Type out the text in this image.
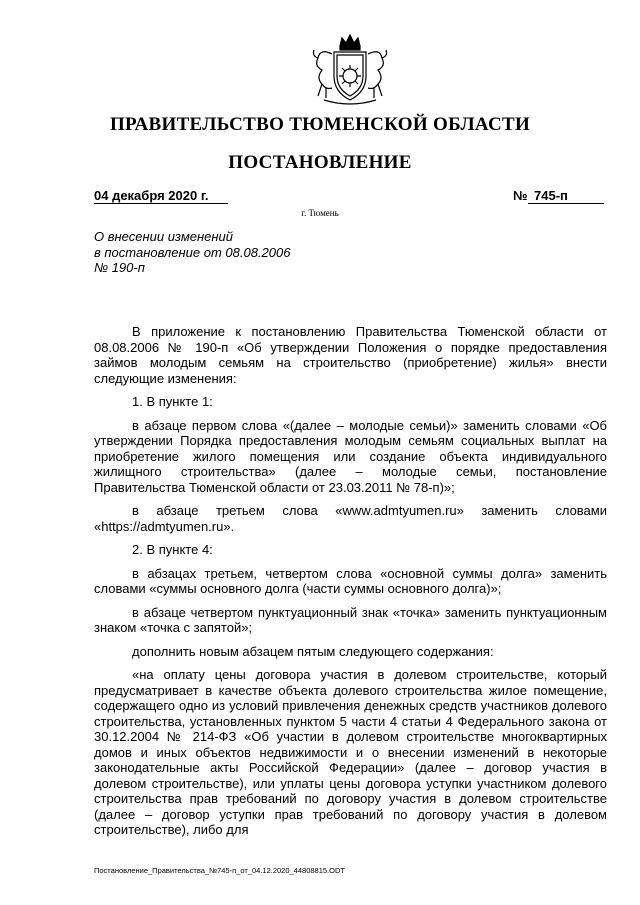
ПРАВИТЕЛЬСТВО ТЮМЕНСКОЙ ОБЛАСТИ
ПОСТАНОВЛЕНИЕ
04 декабря 2020 г.	№ 745-п
г. Тюмень
О внесении изменений
в постановление от 08.08.2006
№ 190-п

В приложение к постановлению Правительства Тюменской области от 08.08.2006 № 190-п «Об утверждении Положения о порядке предоставления займов молодым семьям на строительство (приобретение) жилья» внести следующие изменения:

1. В пункте 1:

в абзаце первом слова «(далее – молодые семьи)» заменить словами «Об утверждении Порядка предоставления молодым семьям социальных выплат на приобретение жилого помещения или создание объекта индивидуального жилищного строительства» (далее – молодые семьи, постановление Правительства Тюменской области от 23.03.2011 № 78-п)»;

в абзаце третьем слова «www.admtyumen.ru» заменить словами «https://admtyumen.ru».

2. В пункте 4:

в абзацах третьем, четвертом слова «основной суммы долга» заменить словами «суммы основного долга (части суммы основного долга)»;

в абзаце четвертом пунктуационный знак «точка» заменить пунктуационным знаком «точка с запятой»;

дополнить новым абзацем пятым следующего содержания:

«на оплату цены договора участия в долевом строительстве, который предусматривает в качестве объекта долевого строительства жилое помещение, содержащего одно из условий привлечения денежных средств участников долевого строительства, установленных пунктом 5 части 4 статьи 4 Федерального закона от 30.12.2004 № 214-ФЗ «Об участии в долевом строительстве многоквартирных домов и иных объектов недвижимости и о внесении изменений в некоторые законодательные акты Российской Федерации» (далее – договор участия в долевом строительстве), или уплаты цены договора уступки участником долевого строительства прав требований по договору участия в долевом строительстве (далее – договор уступки прав требований по договору участия в долевом строительстве), либо для

Постановление_Правительства_№745-п_от_04.12.2020_44808815.ODT
